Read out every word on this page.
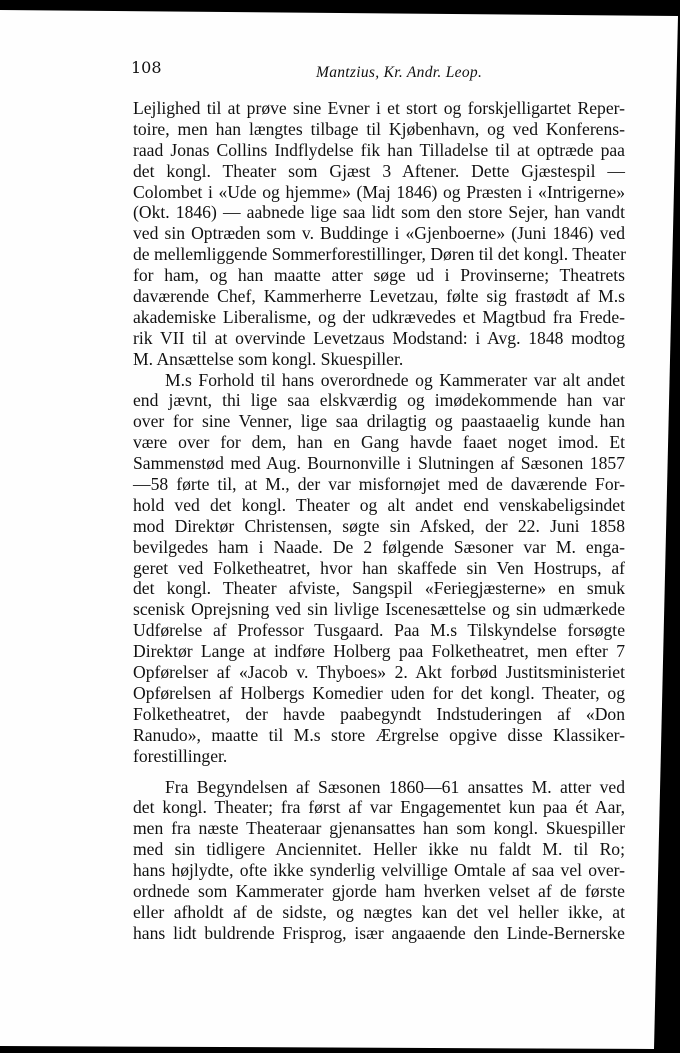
108	Mantzius, Kr. Andr. Leop.
Lejlighed til at prøve sine Evner i et stort og forskjelligartet Reper-
toire, men han længtes tilbage til Kjøbenhavn, og ved Konferens-
raad Jonas Collins Indflydelse fik han Tilladelse til at optræde paa
det kongl. Theater som Gjæst 3 Aftener. Dette Gjæstespil —
Colombet i «Ude og hjemme» (Maj 1846) og Præsten i «Intrigerne»
(Okt. 1846) — aabnede lige saa lidt som den store Sejer, han vandt
ved sin Optræden som v. Buddinge i «Gjenboerne» (Juni 1846) ved
de mellemliggende Sommerforestillinger, Døren til det kongl. Theater
for ham, og han maatte atter søge ud i Provinserne; Theatrets
daværende Chef, Kammerherre Levetzau, følte sig frastødt af M.s
akademiske Liberalisme, og der udkrævedes et Magtbud fra Frede-
rik VII til at overvinde Levetzaus Modstand: i Avg. 1848 modtog
M. Ansættelse som kongl. Skuespiller.
M.s Forhold til hans overordnede og Kammerater var alt andet
end jævnt, thi lige saa elskværdig og imødekommende han var
over for sine Venner, lige saa drilagtig og paastaaelig kunde han
være over for dem, han en Gang havde faaet noget imod. Et
Sammenstød med Aug. Bournonville i Slutningen af Sæsonen 1857
—58 førte til, at M., der var misfornøjet med de daværende For-
hold ved det kongl. Theater og alt andet end venskabeligsindet
mod Direktør Christensen, søgte sin Afsked, der 22. Juni 1858
bevilgedes ham i Naade. De 2 følgende Sæsoner var M. enga-
geret ved Folketheatret, hvor han skaffede sin Ven Hostrups, af
det kongl. Theater afviste, Sangspil «Feriegjæsterne» en smuk
scenisk Oprejsning ved sin livlige Iscenesættelse og sin udmærkede
Udførelse af Professor Tusgaard. Paa M.s Tilskyndelse forsøgte
Direktør Lange at indføre Holberg paa Folketheatret, men efter 7
Opførelser af «Jacob v. Thyboes» 2. Akt forbød Justitsministeriet
Opførelsen af Holbergs Komedier uden for det kongl. Theater, og
Folketheatret, der havde paabegyndt Indstuderingen af «Don
Ranudo», maatte til M.s store Ærgrelse opgive disse Klassiker-
forestillinger.
Fra Begyndelsen af Sæsonen 1860—61 ansattes M. atter ved
det kongl. Theater; fra først af var Engagementet kun paa ét Aar,
men fra næste Theateraar gjenansattes han som kongl. Skuespiller
med sin tidligere Anciennitet. Heller ikke nu faldt M. til Ro;
hans højlydte, ofte ikke synderlig velvillige Omtale af saa vel over-
ordnede som Kammerater gjorde ham hverken velset af de første
eller afholdt af de sidste, og nægtes kan det vel heller ikke, at
hans lidt buldrende Frisprog, især angaaende den Linde-Bernerske
